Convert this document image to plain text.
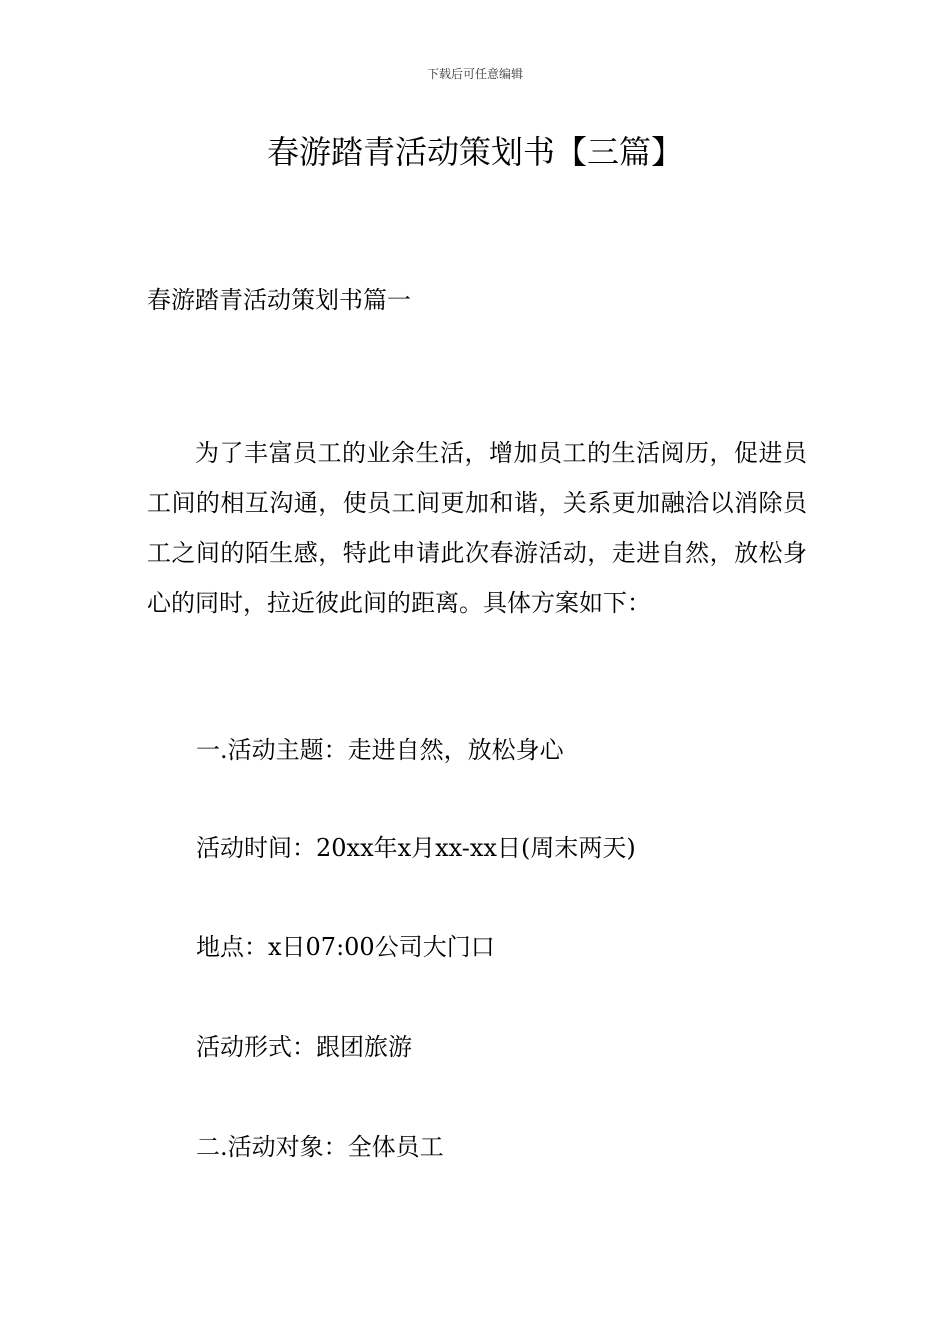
下载后可任意编辑
春游踏青活动策划书【三篇】
春游踏青活动策划书篇一

为了丰富员工的业余生活，增加员工的生活阅历，促进员工间的相互沟通，使员工间更加和谐，关系更加融洽以消除员工之间的陌生感，特此申请此次春游活动，走进自然，放松身心的同时，拉近彼此间的距离。具体方案如下：

一.活动主题：走进自然，放松身心
活动时间：20xx年x月xx-xx日(周末两天)
地点：x日07:00公司大门口
活动形式：跟团旅游
二.活动对象：全体员工
